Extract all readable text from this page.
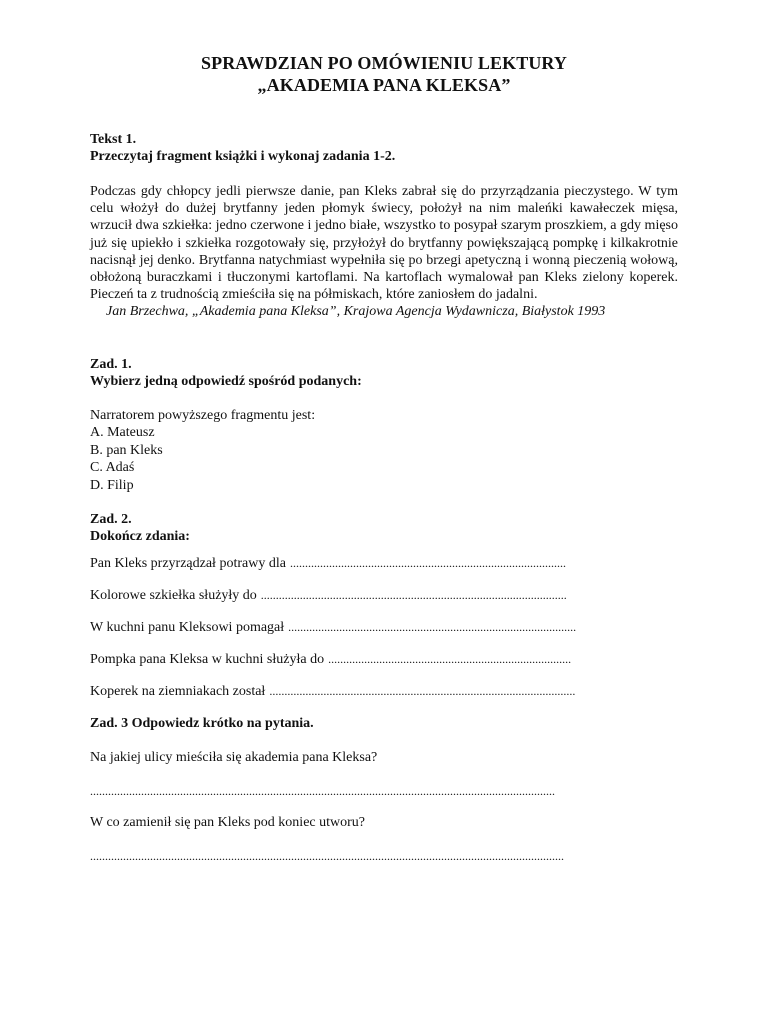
SPRAWDZIAN PO OMÓWIENIU LEKTURY
„AKADEMIA PANA KLEKSA”

Tekst 1.

Przeczytaj fragment książki i wykonaj zadania 1-2.

Podczas gdy chłopcy jedli pierwsze danie, pan Kleks zabrał się do przyrządzania pieczystego. W tym celu włożył do dużej brytfanny jeden płomyk świecy, położył na nim maleńki kawałeczek mięsa, wrzucił dwa szkiełka: jedno czerwone i jedno białe, wszystko to posypał szarym proszkiem, a gdy mięso już się upiekło i szkiełka rozgotowały się, przyłożył do brytfanny powiększającą pompkę i kilkakrotnie nacisnął jej denko. Brytfanna natychmiast wypełniła się po brzegi apetyczną i wonną pieczenią wołową, obłożoną buraczkami i tłuczonymi kartoflami. Na kartoflach wymalował pan Kleks zielony koperek. Pieczeń ta z trudnością zmieściła się na półmiskach, które zaniosłem do jadalni.

Jan Brzechwa, „Akademia pana Kleksa”, Krajowa Agencja Wydawnicza, Białystok 1993

Zad. 1.

Wybierz jedną odpowiedź spośród podanych:

Narratorem powyższego fragmentu jest:

A. Mateusz
B. pan Kleks
C. Adaś
D. Filip

Zad. 2.

Dokończ zdania:

Pan Kleks przyrządzał potrawy dla ............................................................................................
Kolorowe szkiełka służyły do ......................................................................................................
W kuchni panu Kleksowi pomagał ................................................................................................
Pompka pana Kleksa w kuchni służyła do .................................................................................
Koperek na ziemniakach został ......................................................................................................

Zad. 3 Odpowiedz krótko na pytania.

Na jakiej ulicy mieściła się akademia pana Kleksa?

...........................................................................................................................................................

W co zamienił się pan Kleks pod koniec utworu?

..............................................................................................................................................................
